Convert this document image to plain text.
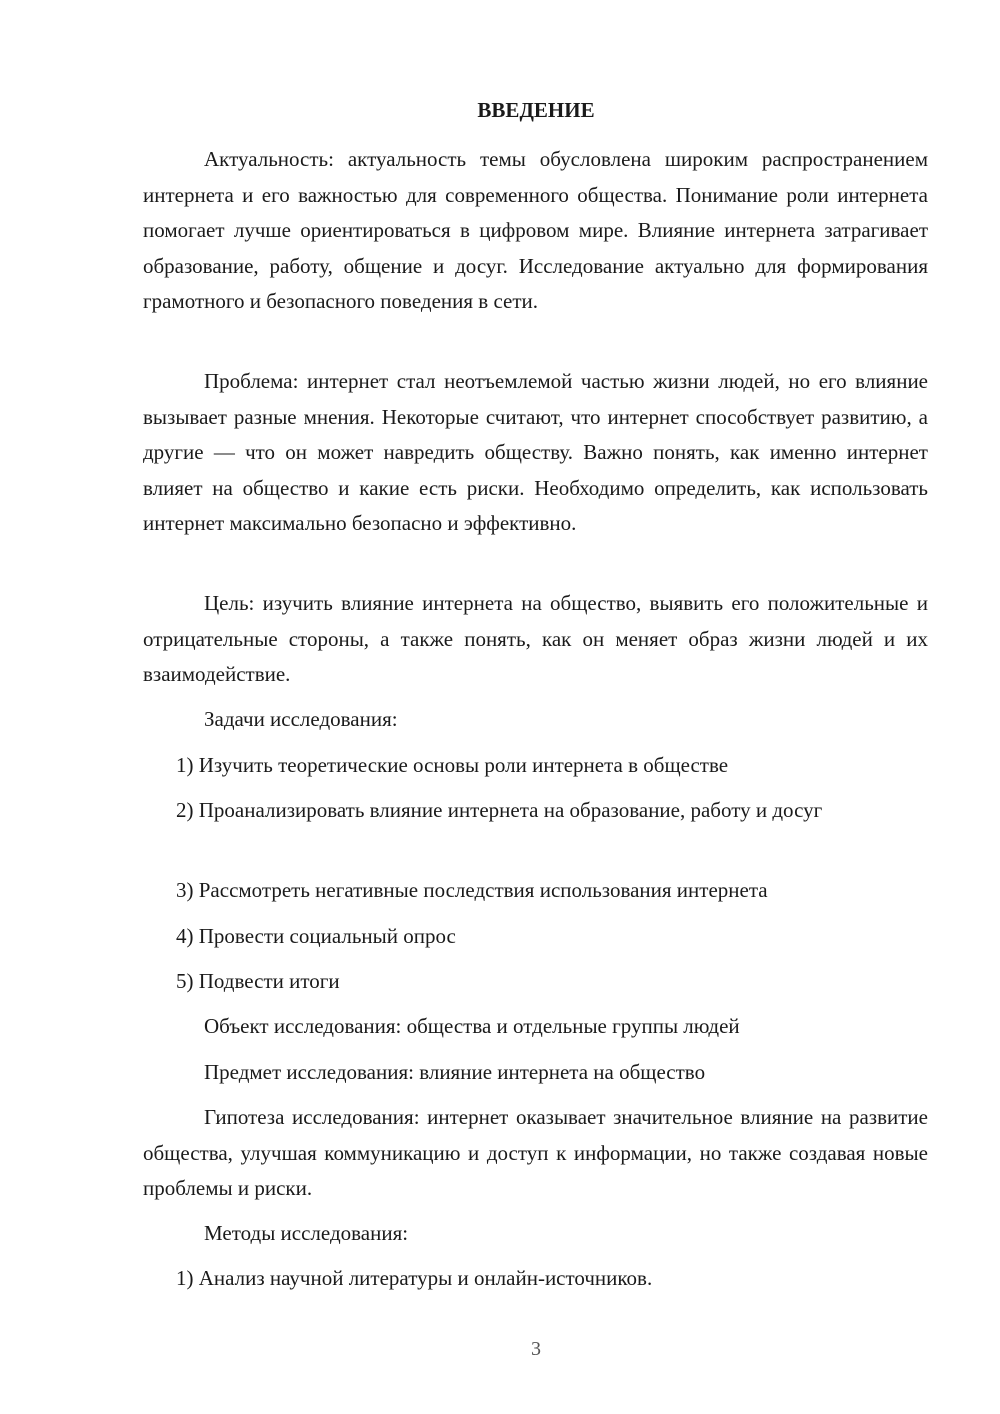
ВВЕДЕНИЕ

Актуальность: актуальность темы обусловлена широким распространением интернета и его важностью для современного общества. Понимание роли интернета помогает лучше ориентироваться в цифровом мире. Влияние интернета затрагивает образование, работу, общение и досуг. Исследование актуально для формирования грамотного и безопасного поведения в сети.

Проблема: интернет стал неотъемлемой частью жизни людей, но его влияние вызывает разные мнения. Некоторые считают, что интернет способствует развитию, а другие — что он может навредить обществу. Важно понять, как именно интернет влияет на общество и какие есть риски. Необходимо определить, как использовать интернет максимально безопасно и эффективно.

Цель: изучить влияние интернета на общество, выявить его положительные и отрицательные стороны, а также понять, как он меняет образ жизни людей и их взаимодействие.

Задачи исследования:

1) Изучить теоретические основы роли интернета в обществе

2) Проанализировать влияние интернета на образование, работу и досуг

3) Рассмотреть негативные последствия использования интернета

4) Провести социальный опрос

5) Подвести итоги

Объект исследования: общества и отдельные группы людей

Предмет исследования: влияние интернета на общество

Гипотеза исследования: интернет оказывает значительное влияние на развитие общества, улучшая коммуникацию и доступ к информации, но также создавая новые проблемы и риски.

Методы исследования:

1) Анализ научной литературы и онлайн-источников.

3
